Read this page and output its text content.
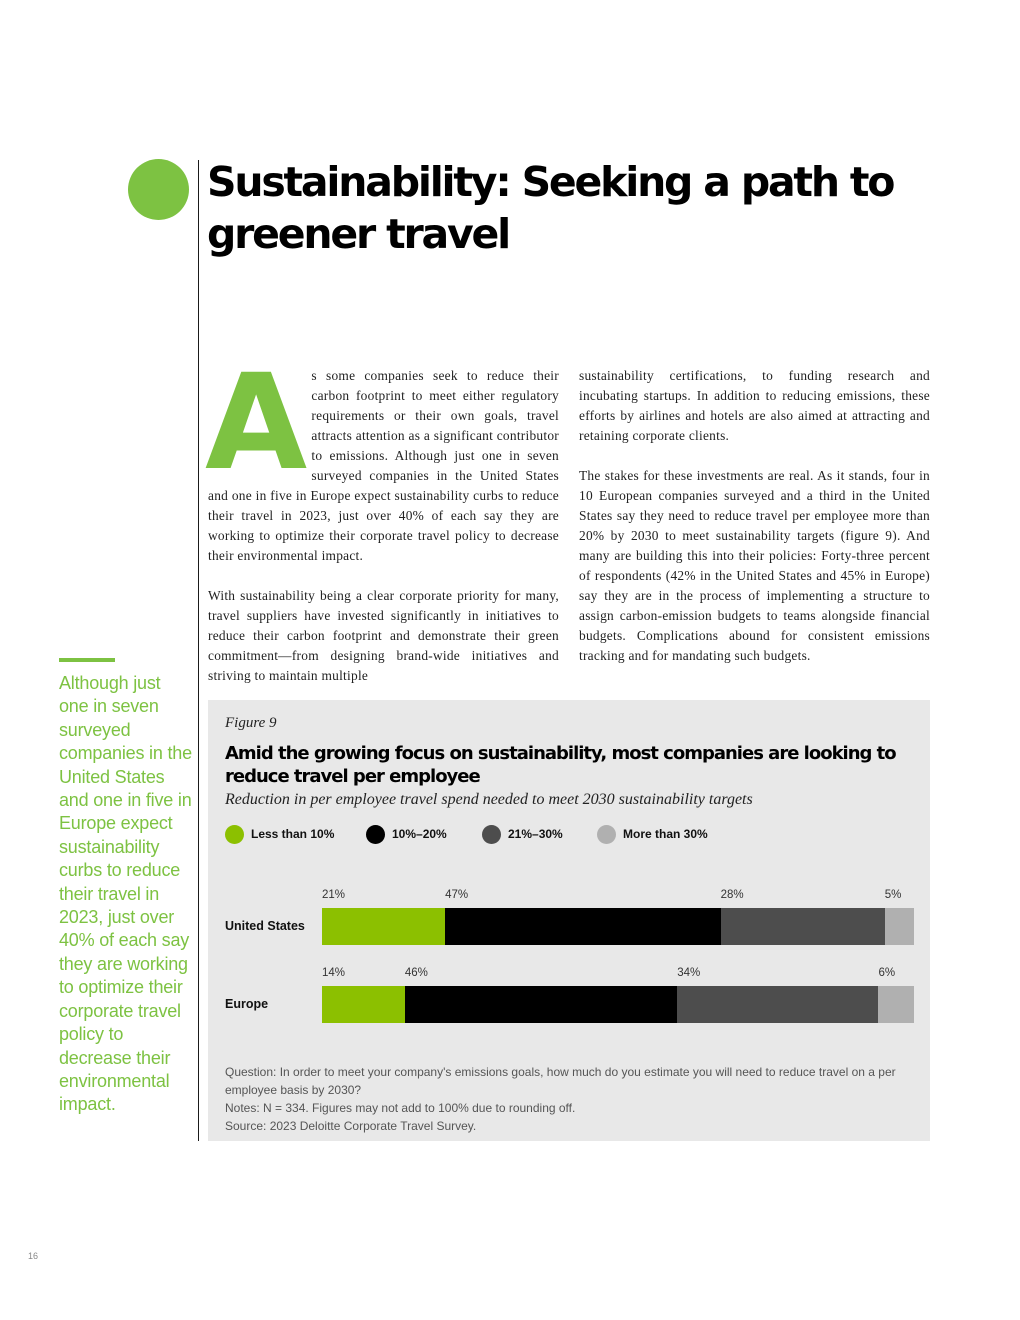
Sustainability: Seeking a path to greener travel

As some companies seek to reduce their carbon footprint to meet either regulatory requirements or their own goals, travel attracts attention as a significant contributor to emissions. Although just one in seven surveyed companies in the United States and one in five in Europe expect sustainability curbs to reduce their travel in 2023, just over 40% of each say they are working to optimize their corporate travel policy to decrease their environmental impact.

With sustainability being a clear corporate priority for many, travel suppliers have invested significantly in initiatives to reduce their carbon footprint and demonstrate their green commitment—from designing brand-wide initiatives and striving to maintain multiple

sustainability certifications, to funding research and incubating startups. In addition to reducing emissions, these efforts by airlines and hotels are also aimed at attracting and retaining corporate clients.

The stakes for these investments are real. As it stands, four in 10 European companies surveyed and a third in the United States say they need to reduce travel per employee more than 20% by 2030 to meet sustainability targets (figure 9). And many are building this into their policies: Forty-three percent of respondents (42% in the United States and 45% in Europe) say they are in the process of implementing a structure to assign carbon-emission budgets to teams alongside financial budgets. Complications abound for consistent emissions tracking and for mandating such budgets.

Although just one in seven surveyed companies in the United States and one in five in Europe expect sustainability curbs to reduce their travel in 2023, just over 40% of each say they are working to optimize their corporate travel policy to decrease their environmental impact.
Figure 9
Amid the growing focus on sustainability, most companies are looking to reduce travel per employee
Reduction in per employee travel spend needed to meet 2030 sustainability targets
Less than 10%	10%–20%	21%–30%	More than 30%
United States
21%	47%	28%	5%
Europe
14%	46%	34%	6%
Question: In order to meet your company's emissions goals, how much do you estimate you will need to reduce travel on a per employee basis by 2030?
Notes: N = 334. Figures may not add to 100% due to rounding off.
Source: 2023 Deloitte Corporate Travel Survey.
16
